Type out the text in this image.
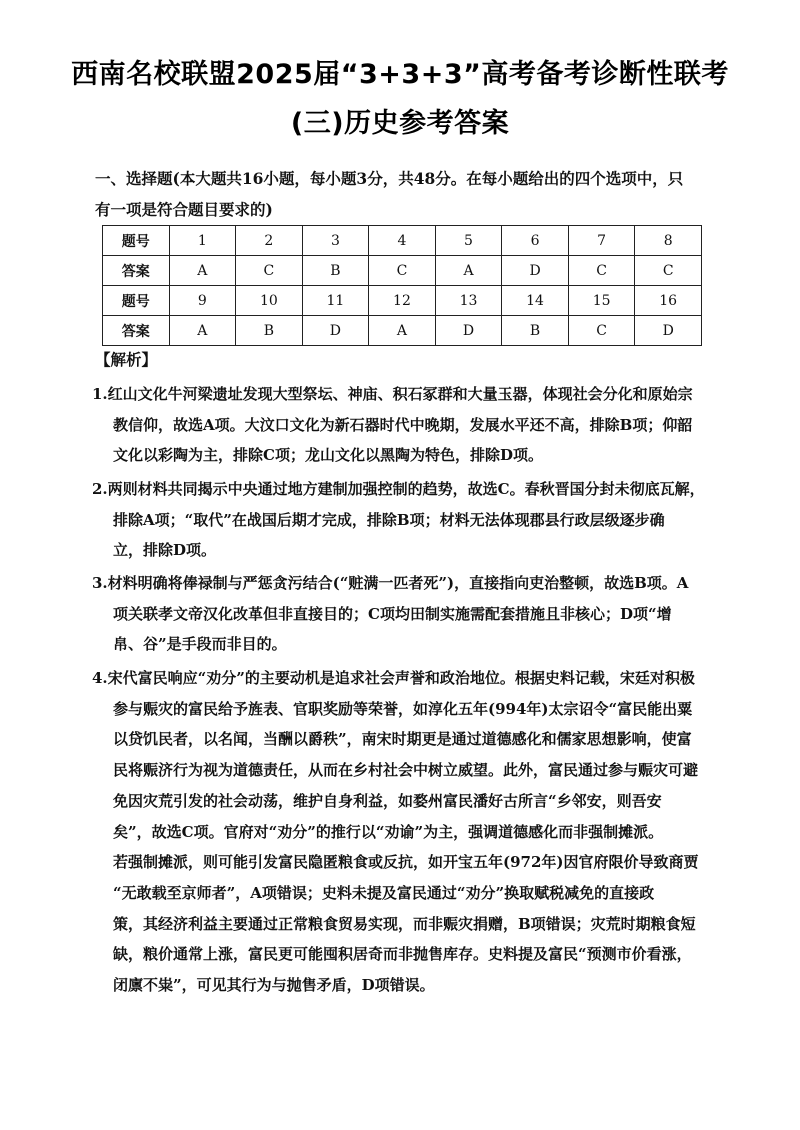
西南名校联盟2025届“3+3+3”高考备考诊断性联考
(三)历史参考答案
一、选择题(本大题共16小题，每小题3分，共48分。在每小题给出的四个选项中，只
有一项是符合题目要求的)
题号	1	2	3	4	5	6	7	8
答案	A	C	B	C	A	D	C	C
题号	9	10	11	12	13	14	15	16
答案	A	B	D	A	D	B	C	D
【解析】
1.红山文化牛河梁遗址发现大型祭坛、神庙、积石冢群和大量玉器，体现社会分化和原始宗
教信仰，故选A项。大汶口文化为新石器时代中晚期，发展水平还不高，排除B项；仰韶
文化以彩陶为主，排除C项；龙山文化以黑陶为特色，排除D项。
2.两则材料共同揭示中央通过地方建制加强控制的趋势，故选C。春秋晋国分封未彻底瓦解，
排除A项；“取代”在战国后期才完成，排除B项；材料无法体现郡县行政层级逐步确
立，排除D项。
3.材料明确将俸禄制与严惩贪污结合(“赃满一匹者死”)，直接指向吏治整顿，故选B项。A
项关联孝文帝汉化改革但非直接目的；C项均田制实施需配套措施且非核心；D项“增
帛、谷”是手段而非目的。
4.宋代富民响应“劝分”的主要动机是追求社会声誉和政治地位。根据史料记载，宋廷对积极
参与赈灾的富民给予旌表、官职奖励等荣誉，如淳化五年(994年)太宗诏令“富民能出粟
以贷饥民者，以名闻，当酬以爵秩”，南宋时期更是通过道德感化和儒家思想影响，使富
民将赈济行为视为道德责任，从而在乡村社会中树立威望。此外，富民通过参与赈灾可避
免因灾荒引发的社会动荡，维护自身利益，如婺州富民潘好古所言“乡邻安，则吾安
矣”，故选C项。官府对“劝分”的推行以“劝谕”为主，强调道德感化而非强制摊派。
若强制摊派，则可能引发富民隐匿粮食或反抗，如开宝五年(972年)因官府限价导致商贾
“无敢载至京师者”，A项错误；史料未提及富民通过“劝分”换取赋税减免的直接政
策，其经济利益主要通过正常粮食贸易实现，而非赈灾捐赠，B项错误；灾荒时期粮食短
缺，粮价通常上涨，富民更可能囤积居奇而非抛售库存。史料提及富民“预测市价看涨，
闭廪不粜”，可见其行为与抛售矛盾，D项错误。
